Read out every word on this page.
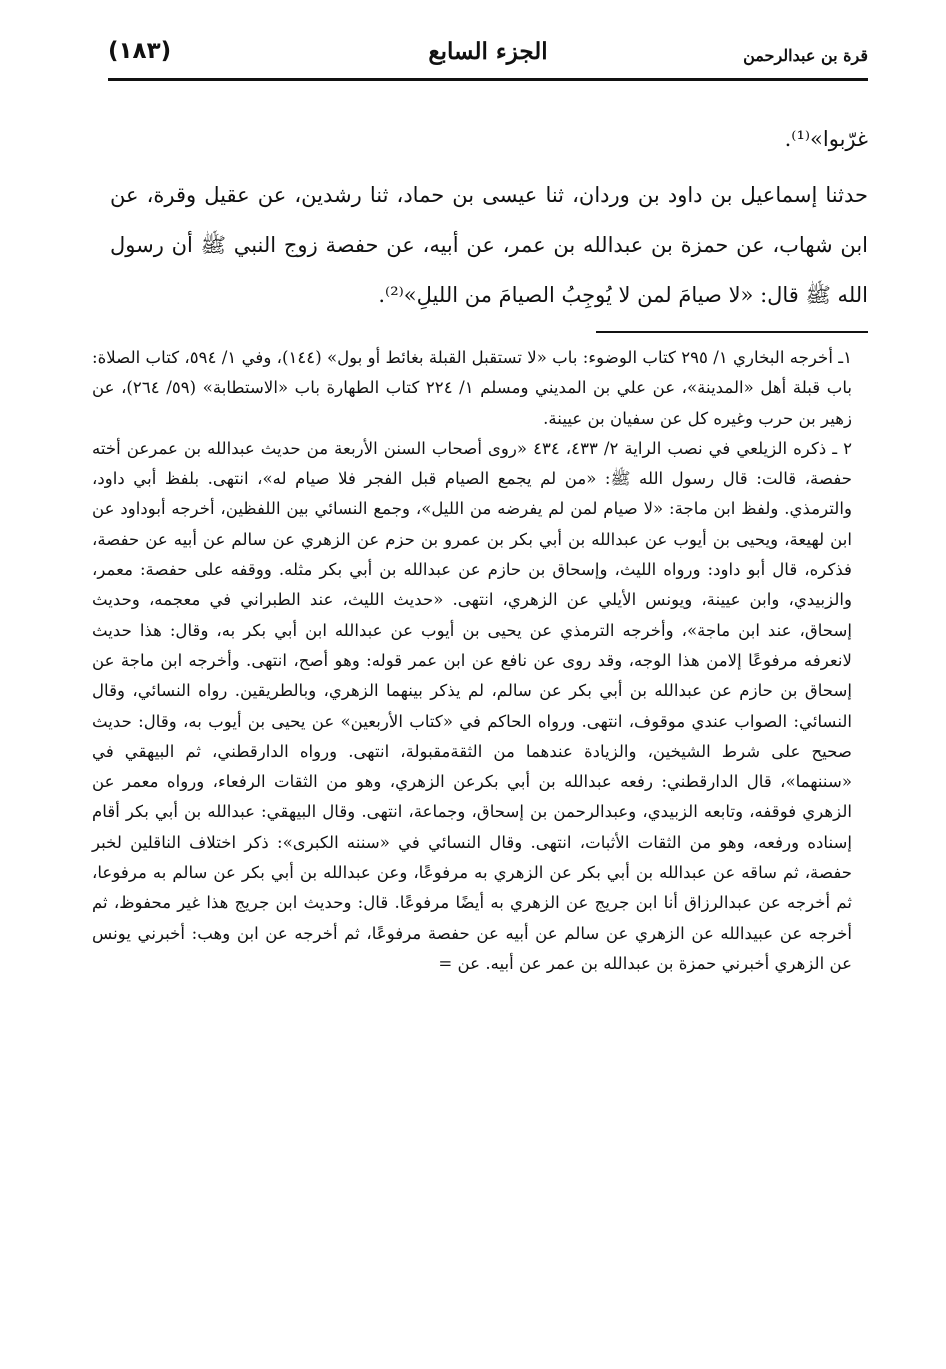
(١٨٣)	الجزء السابع	قرة بن عبدالرحمن

غرّبوا»⁽¹⁾.

حدثنا إسماعيل بن داود بن وردان، ثنا عيسى بن حماد، ثنا رشدين، عن عقيل وقرة، عن ابن شهاب، عن حمزة بن عبدالله بن عمر، عن أبيه، عن حفصة زوج النبي ﷺ أن رسول الله ﷺ قال: «لا صيامَ لمن لا يُوجِبُ الصيامَ من الليلِ»⁽²⁾.

١ـ أخرجه البخاري ١/ ٢٩٥ كتاب الوضوء: باب «لا تستقبل القبلة بغائط أو بول» (١٤٤)، وفي ١/ ٥٩٤، كتاب الصلاة: باب قبلة أهل «المدينة»، عن علي بن المديني ومسلم ١/ ٢٢٤ كتاب الطهارة باب «الاستطابة» (٥٩/ ٢٦٤)، عن زهير بن حرب وغيره كل عن سفيان بن عيينة.
٢ ـ ذكره الزيلعي في نصب الراية ٢/ ٤٣٣، ٤٣٤ «روى أصحاب السنن الأربعة من حديث عبدالله بن عمرعن أخته حفصة، قالت: قال رسول الله ﷺ: «من لم يجمع الصيام قبل الفجر فلا صيام له»، انتهى. بلفظ أبي داود، والترمذي. ولفظ ابن ماجة: «لا صيام لمن لم يفرضه من الليل»، وجمع النسائي بين اللفظين، أخرجه أبوداود عن ابن لهيعة، ويحيى بن أيوب عن عبدالله بن أبي بكر بن عمرو بن حزم عن الزهري عن سالم عن أبيه عن حفصة، فذكره، قال أبو داود: ورواه الليث، وإسحاق بن حازم عن عبدالله بن أبي بكر مثله. ووقفه على حفصة: معمر، والزبيدي، وابن عيينة، ويونس الأيلي عن الزهري، انتهى. «حديث الليث، عند الطبراني في معجمه، وحديث إسحاق، عند ابن ماجة»، وأخرجه الترمذي عن يحيى بن أيوب عن عبدالله ابن أبي بكر به، وقال: هذا حديث لانعرفه مرفوعًا إلامن هذا الوجه، وقد روى عن نافع عن ابن عمر قوله: وهو أصح، انتهى. وأخرجه ابن ماجة عن إسحاق بن حازم عن عبدالله بن أبي بكر عن سالم، لم يذكر بينهما الزهري، وبالطريقين. رواه النسائي، وقال النسائي: الصواب عندي موقوف، انتهى. ورواه الحاكم في «كتاب الأربعين» عن يحيى بن أيوب به، وقال: حديث صحيح على شرط الشيخين، والزيادة عندهما من الثقةمقبولة، انتهى. ورواه الدارقطني، ثم البيهقي في «سننهما»، قال الدارقطني: رفعه عبدالله بن أبي بكرعن الزهري، وهو من الثقات الرفعاء، ورواه معمر عن الزهري فوقفه، وتابعه الزبيدي، وعبدالرحمن بن إسحاق، وجماعة، انتهى. وقال البيهقي: عبدالله بن أبي بكر أقام إسناده ورفعه، وهو من الثقات الأثبات، انتهى. وقال النسائي في «سننه الكبرى»: ذكر اختلاف الناقلين لخبر حفصة، ثم ساقه عن عبدالله بن أبي بكر عن الزهري به مرفوعًا، وعن عبدالله بن أبي بكر عن سالم به مرفوعا، ثم أخرجه عن عبدالرزاق أنا ابن جريج عن الزهري به أيضًا مرفوعًا. قال: وحديث ابن جريج هذا غير محفوظ، ثم أخرجه عن عبيدالله عن الزهري عن سالم عن أبيه عن حفصة مرفوعًا، ثم أخرجه عن ابن وهب: أخبرني يونس عن الزهري أخبرني حمزة بن عبدالله بن عمر عن أبيه. عن =
